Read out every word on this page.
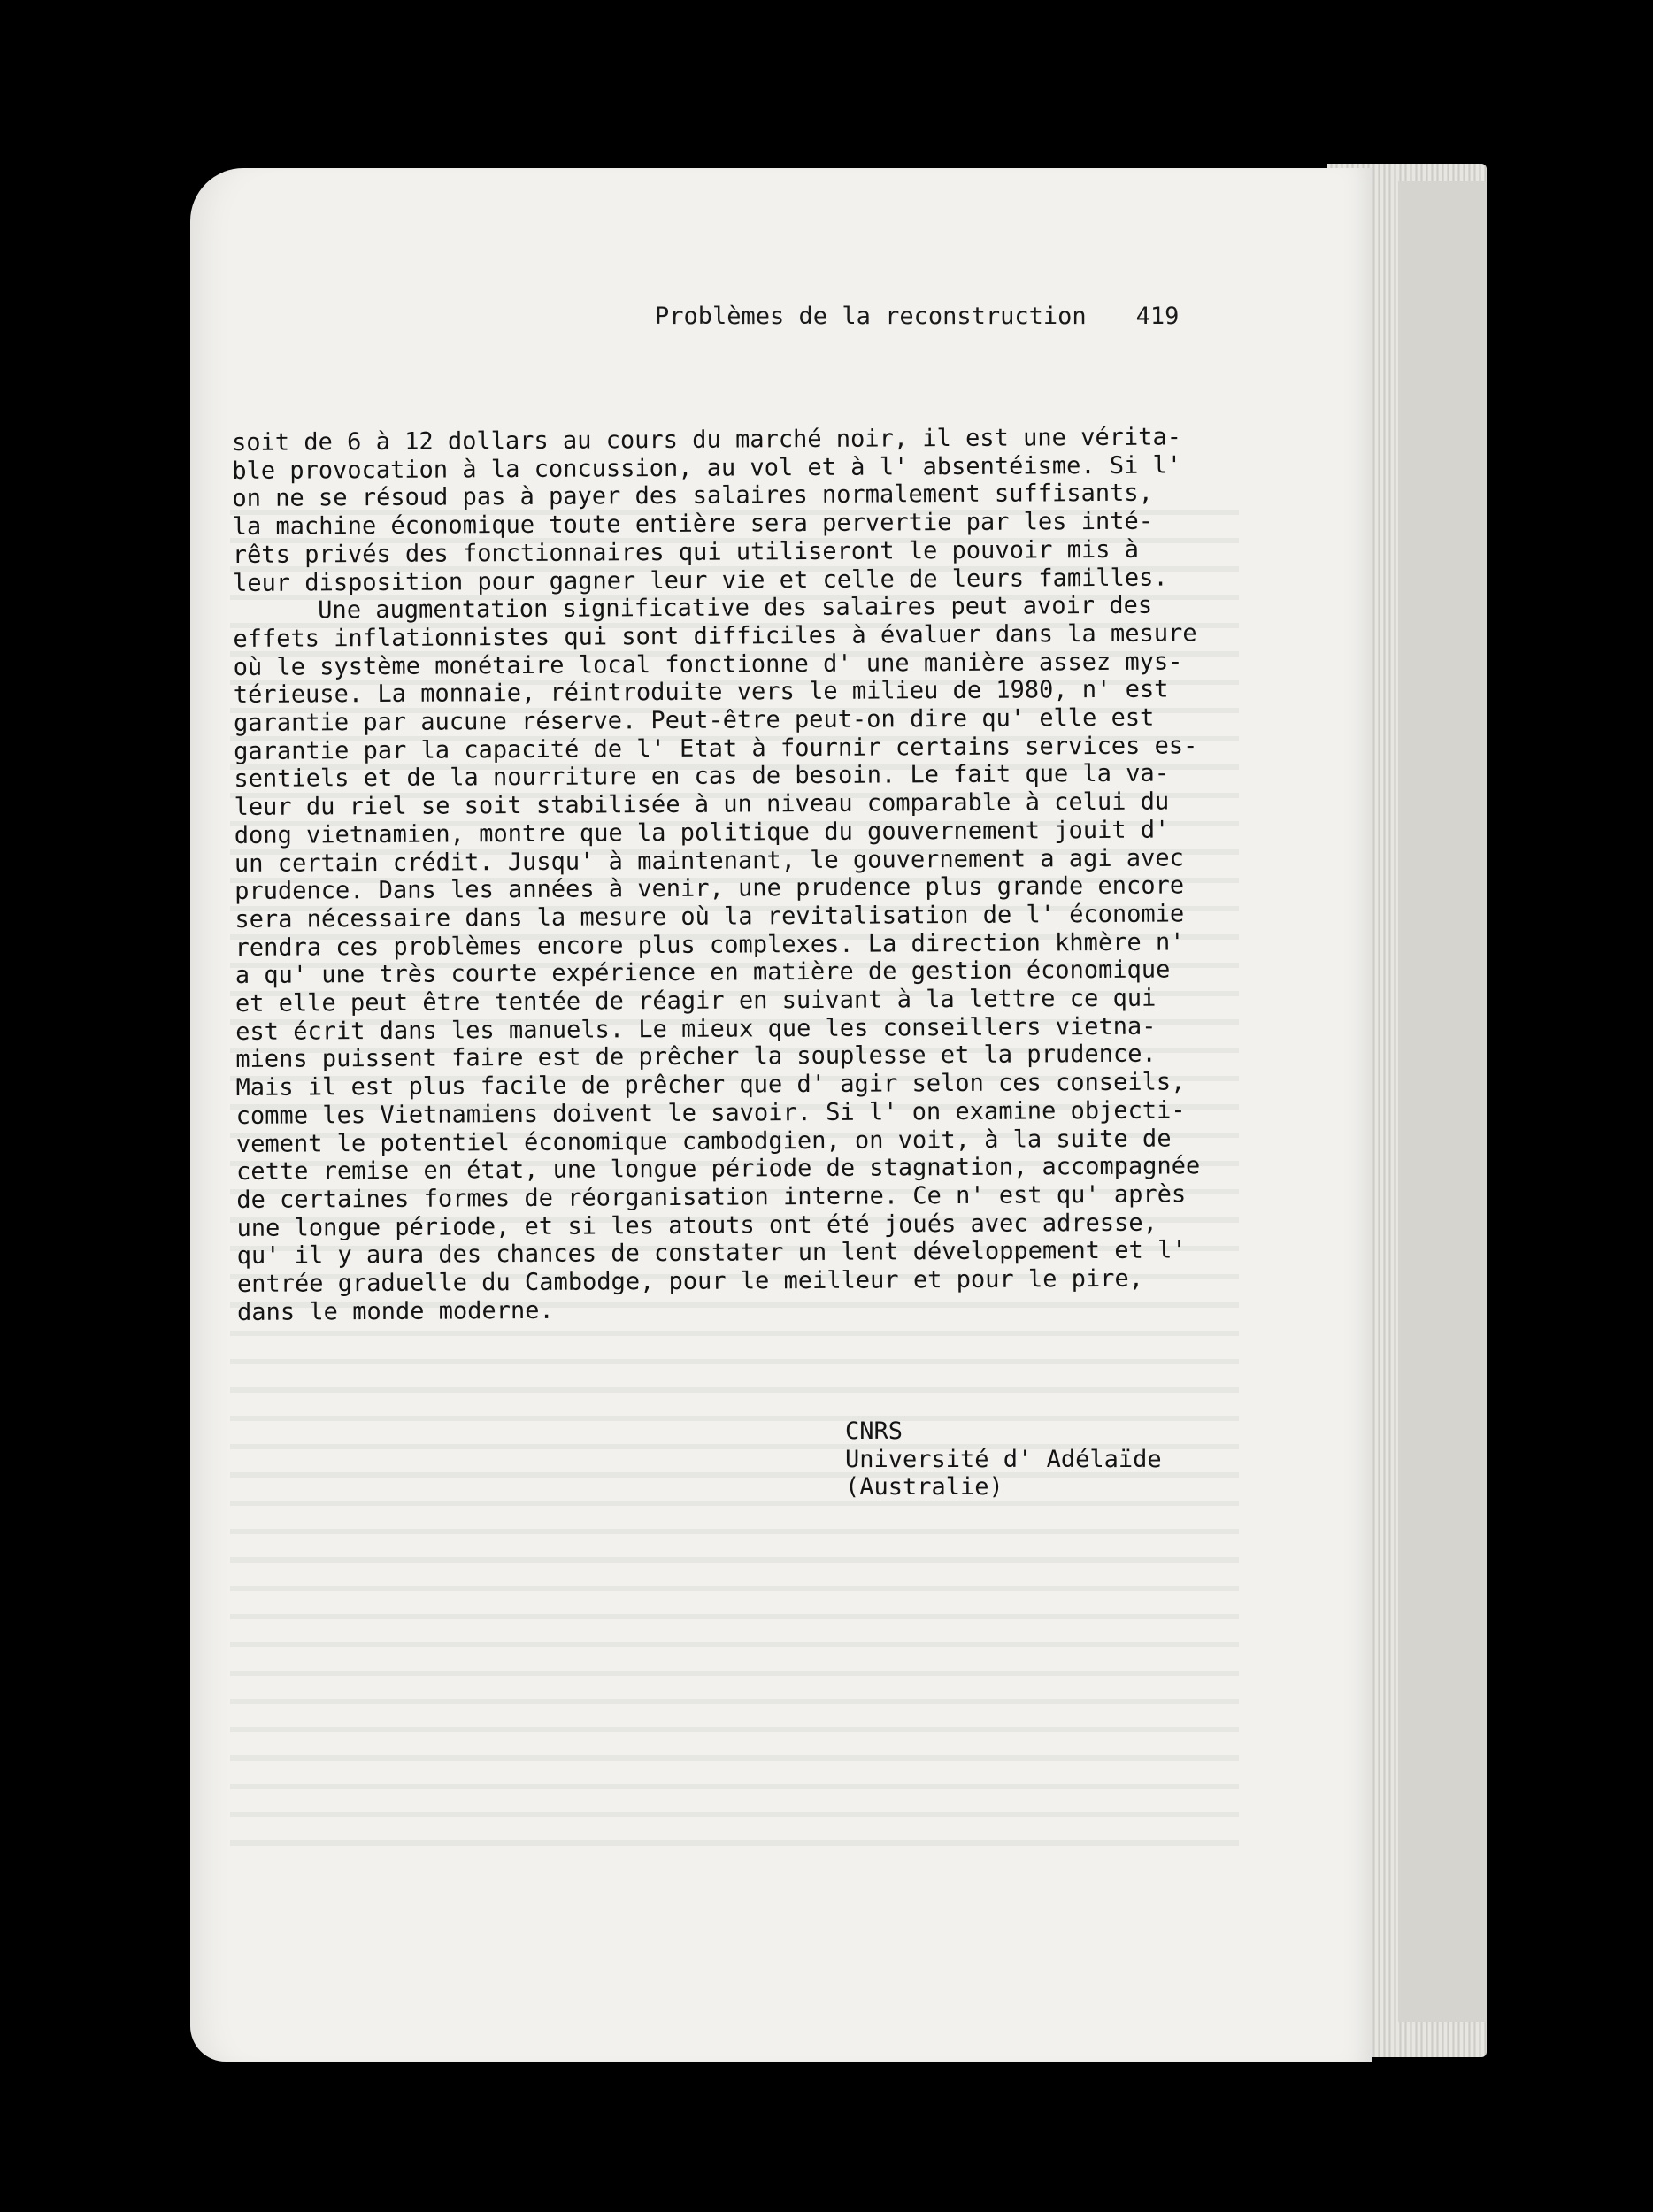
Problèmes de la reconstruction 419
soit de 6 à 12 dollars au cours du marché noir, il est une vérita-
ble provocation à la concussion, au vol et à l' absentéisme. Si l'
on ne se résoud pas à payer des salaires normalement suffisants,
la machine économique toute entière sera pervertie par les inté-
rêts privés des fonctionnaires qui utiliseront le pouvoir mis à
leur disposition pour gagner leur vie et celle de leurs familles.
Une augmentation significative des salaires peut avoir des
effets inflationnistes qui sont difficiles à évaluer dans la mesure
où le système monétaire local fonctionne d' une manière assez mys-
térieuse. La monnaie, réintroduite vers le milieu de 1980, n' est
garantie par aucune réserve. Peut-être peut-on dire qu' elle est
garantie par la capacité de l' Etat à fournir certains services es-
sentiels et de la nourriture en cas de besoin. Le fait que la va-
leur du riel se soit stabilisée à un niveau comparable à celui du
dong vietnamien, montre que la politique du gouvernement jouit d'
un certain crédit. Jusqu' à maintenant, le gouvernement a agi avec
prudence. Dans les années à venir, une prudence plus grande encore
sera nécessaire dans la mesure où la revitalisation de l' économie
rendra ces problèmes encore plus complexes. La direction khmère n'
a qu' une très courte expérience en matière de gestion économique
et elle peut être tentée de réagir en suivant à la lettre ce qui
est écrit dans les manuels. Le mieux que les conseillers vietna-
miens puissent faire est de prêcher la souplesse et la prudence.
Mais il est plus facile de prêcher que d' agir selon ces conseils,
comme les Vietnamiens doivent le savoir. Si l' on examine objecti-
vement le potentiel économique cambodgien, on voit, à la suite de
cette remise en état, une longue période de stagnation, accompagnée
de certaines formes de réorganisation interne. Ce n' est qu' après
une longue période, et si les atouts ont été joués avec adresse,
qu' il y aura des chances de constater un lent développement et l'
entrée graduelle du Cambodge, pour le meilleur et pour le pire,
dans le monde moderne.
CNRS
Université d' Adélaïde
(Australie)
